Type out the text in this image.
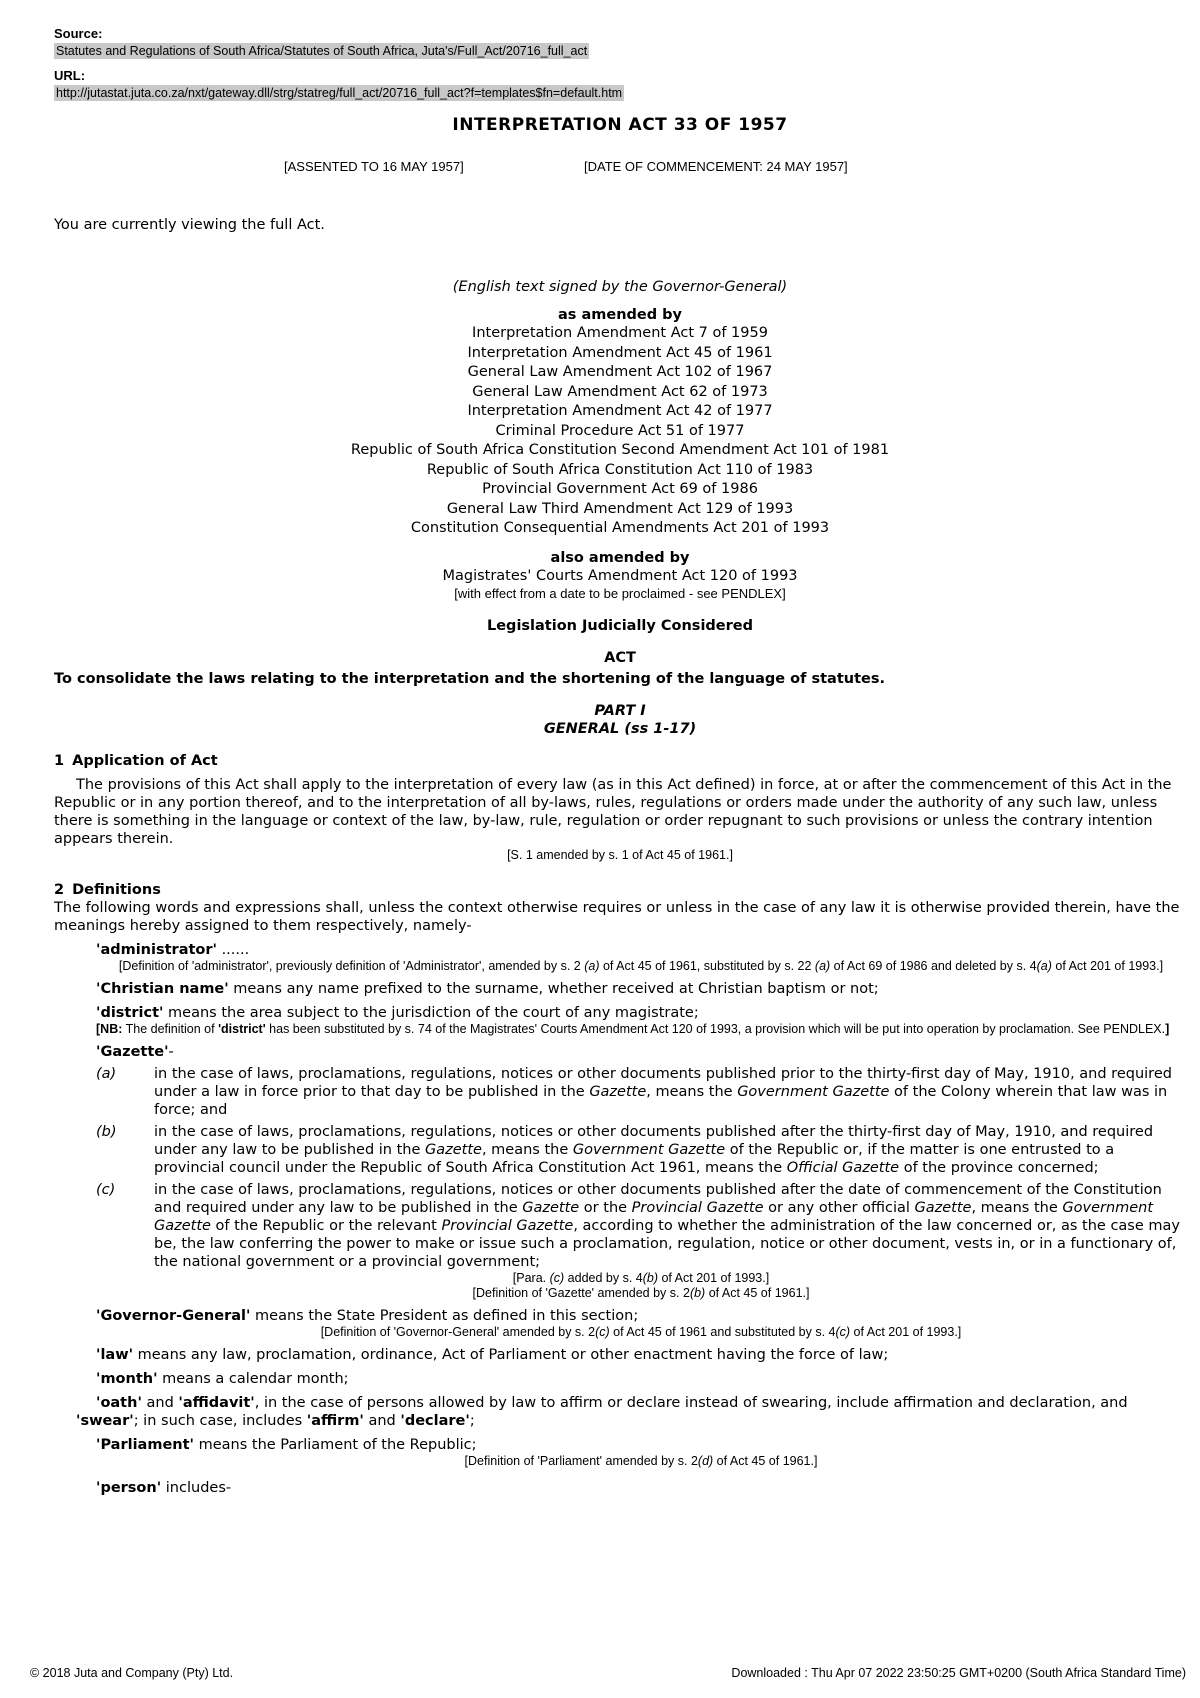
Source:
Statutes and Regulations of South Africa/Statutes of South Africa, Juta's/Full_Act/20716_full_act
URL:
http://jutastat.juta.co.za/nxt/gateway.dll/strg/statreg/full_act/20716_full_act?f=templates$fn=default.htm
INTERPRETATION ACT 33 OF 1957
[ASSENTED TO 16 MAY 1957]	[DATE OF COMMENCEMENT: 24 MAY 1957]
You are currently viewing the full Act.
(English text signed by the Governor-General)
as amended by
Interpretation Amendment Act 7 of 1959
Interpretation Amendment Act 45 of 1961
General Law Amendment Act 102 of 1967
General Law Amendment Act 62 of 1973
Interpretation Amendment Act 42 of 1977
Criminal Procedure Act 51 of 1977
Republic of South Africa Constitution Second Amendment Act 101 of 1981
Republic of South Africa Constitution Act 110 of 1983
Provincial Government Act 69 of 1986
General Law Third Amendment Act 129 of 1993
Constitution Consequential Amendments Act 201 of 1993
also amended by
Magistrates' Courts Amendment Act 120 of 1993
[with effect from a date to be proclaimed - see PENDLEX]
Legislation Judicially Considered
ACT
To consolidate the laws relating to the interpretation and the shortening of the language of statutes.
PART I
GENERAL (ss 1-17)
1 Application of Act
The provisions of this Act shall apply to the interpretation of every law (as in this Act defined) in force, at or after the commencement of this Act in the Republic or in any portion thereof, and to the interpretation of all by-laws, rules, regulations or orders made under the authority of any such law, unless there is something in the language or context of the law, by-law, rule, regulation or order repugnant to such provisions or unless the contrary intention appears therein.
[S. 1 amended by s. 1 of Act 45 of 1961.]
2 Definitions
The following words and expressions shall, unless the context otherwise requires or unless in the case of any law it is otherwise provided therein, have the meanings hereby assigned to them respectively, namely-
'administrator' ......
[Definition of 'administrator', previously definition of 'Administrator', amended by s. 2 (a) of Act 45 of 1961, substituted by s. 22 (a) of Act 69 of 1986 and deleted by s. 4(a) of Act 201 of 1993.]
'Christian name' means any name prefixed to the surname, whether received at Christian baptism or not;
'district' means the area subject to the jurisdiction of the court of any magistrate;
[NB: The definition of 'district' has been substituted by s. 74 of the Magistrates' Courts Amendment Act 120 of 1993, a provision which will be put into operation by proclamation. See PENDLEX.]
'Gazette'-
(a)	in the case of laws, proclamations, regulations, notices or other documents published prior to the thirty-first day of May, 1910, and required under a law in force prior to that day to be published in the Gazette, means the Government Gazette of the Colony wherein that law was in force; and
(b)	in the case of laws, proclamations, regulations, notices or other documents published after the thirty-first day of May, 1910, and required under any law to be published in the Gazette, means the Government Gazette of the Republic or, if the matter is one entrusted to a provincial council under the Republic of South Africa Constitution Act 1961, means the Official Gazette of the province concerned;
(c)	in the case of laws, proclamations, regulations, notices or other documents published after the date of commencement of the Constitution and required under any law to be published in the Gazette or the Provincial Gazette or any other official Gazette, means the Government Gazette of the Republic or the relevant Provincial Gazette, according to whether the administration of the law concerned or, as the case may be, the law conferring the power to make or issue such a proclamation, regulation, notice or other document, vests in, or in a functionary of, the national government or a provincial government;
[Para. (c) added by s. 4(b) of Act 201 of 1993.]
[Definition of 'Gazette' amended by s. 2(b) of Act 45 of 1961.]
'Governor-General' means the State President as defined in this section;
[Definition of 'Governor-General' amended by s. 2(c) of Act 45 of 1961 and substituted by s. 4(c) of Act 201 of 1993.]
'law' means any law, proclamation, ordinance, Act of Parliament or other enactment having the force of law;
'month' means a calendar month;
'oath' and 'affidavit', in the case of persons allowed by law to affirm or declare instead of swearing, include affirmation and declaration, and 'swear'; in such case, includes 'affirm' and 'declare';
'Parliament' means the Parliament of the Republic;
[Definition of 'Parliament' amended by s. 2(d) of Act 45 of 1961.]
'person' includes-
© 2018 Juta and Company (Pty) Ltd.	Downloaded : Thu Apr 07 2022 23:50:25 GMT+0200 (South Africa Standard Time)
